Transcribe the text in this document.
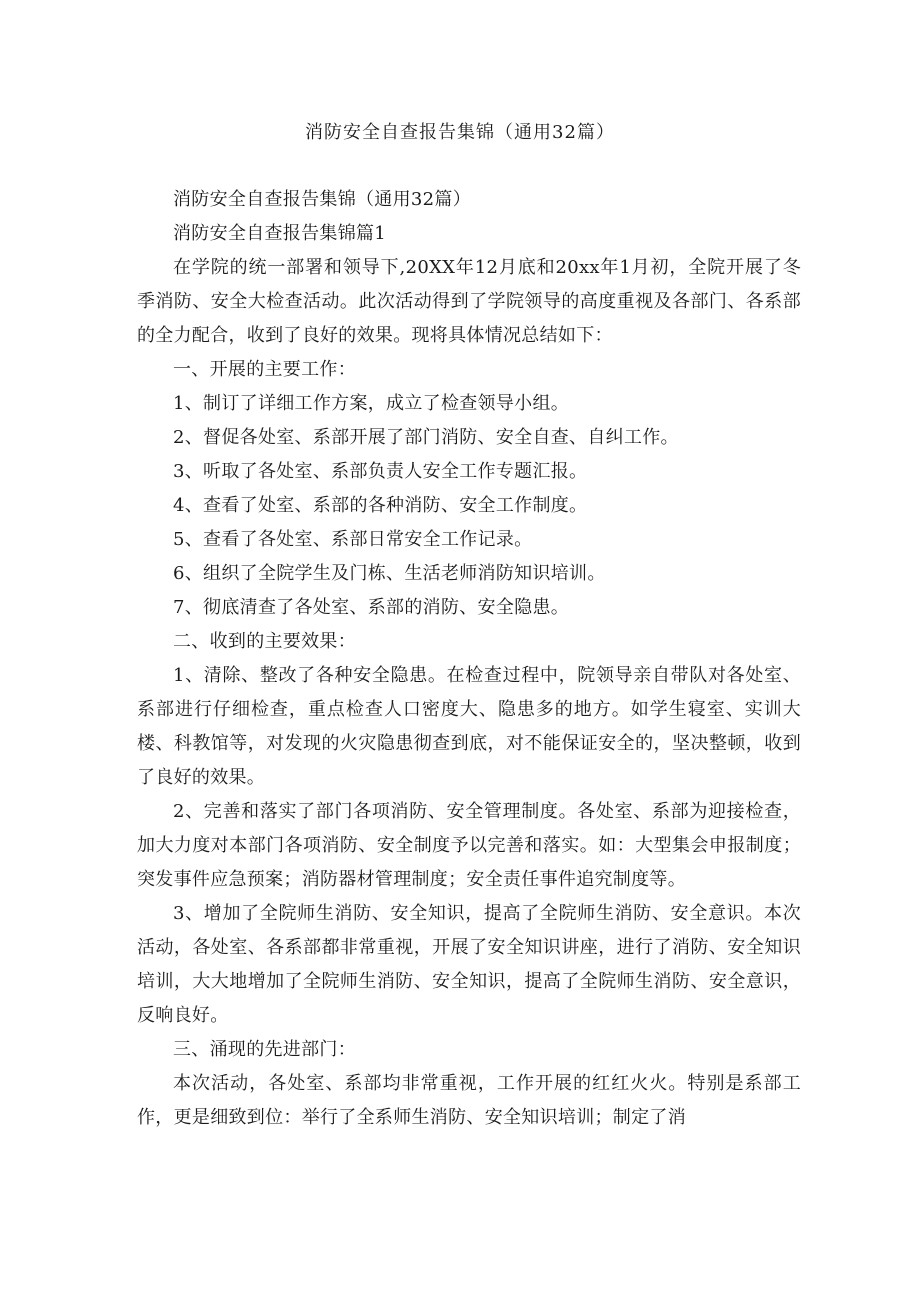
消防安全自查报告集锦（通用32篇）

消防安全自查报告集锦（通用32篇）

消防安全自查报告集锦篇1

在学院的统一部署和领导下,20XX年12月底和20xx年1月初，全院开展了冬季消防、安全大检查活动。此次活动得到了学院领导的高度重视及各部门、各系部的全力配合，收到了良好的效果。现将具体情况总结如下：

一、开展的主要工作：

1、制订了详细工作方案，成立了检查领导小组。

2、督促各处室、系部开展了部门消防、安全自查、自纠工作。

3、听取了各处室、系部负责人安全工作专题汇报。

4、查看了处室、系部的各种消防、安全工作制度。

5、查看了各处室、系部日常安全工作记录。

6、组织了全院学生及门栋、生活老师消防知识培训。

7、彻底清查了各处室、系部的消防、安全隐患。

二、收到的主要效果：

1、清除、整改了各种安全隐患。在检查过程中，院领导亲自带队对各处室、系部进行仔细检查，重点检查人口密度大、隐患多的地方。如学生寝室、实训大楼、科教馆等，对发现的火灾隐患彻查到底，对不能保证安全的，坚决整顿，收到了良好的效果。

2、完善和落实了部门各项消防、安全管理制度。各处室、系部为迎接检查，加大力度对本部门各项消防、安全制度予以完善和落实。如：大型集会申报制度；突发事件应急预案；消防器材管理制度；安全责任事件追究制度等。

3、增加了全院师生消防、安全知识，提高了全院师生消防、安全意识。本次活动，各处室、各系部都非常重视，开展了安全知识讲座，进行了消防、安全知识培训，大大地增加了全院师生消防、安全知识，提高了全院师生消防、安全意识，反响良好。

三、涌现的先进部门：

本次活动，各处室、系部均非常重视，工作开展的红红火火。特别是系部工作，更是细致到位：举行了全系师生消防、安全知识培训；制定了消
